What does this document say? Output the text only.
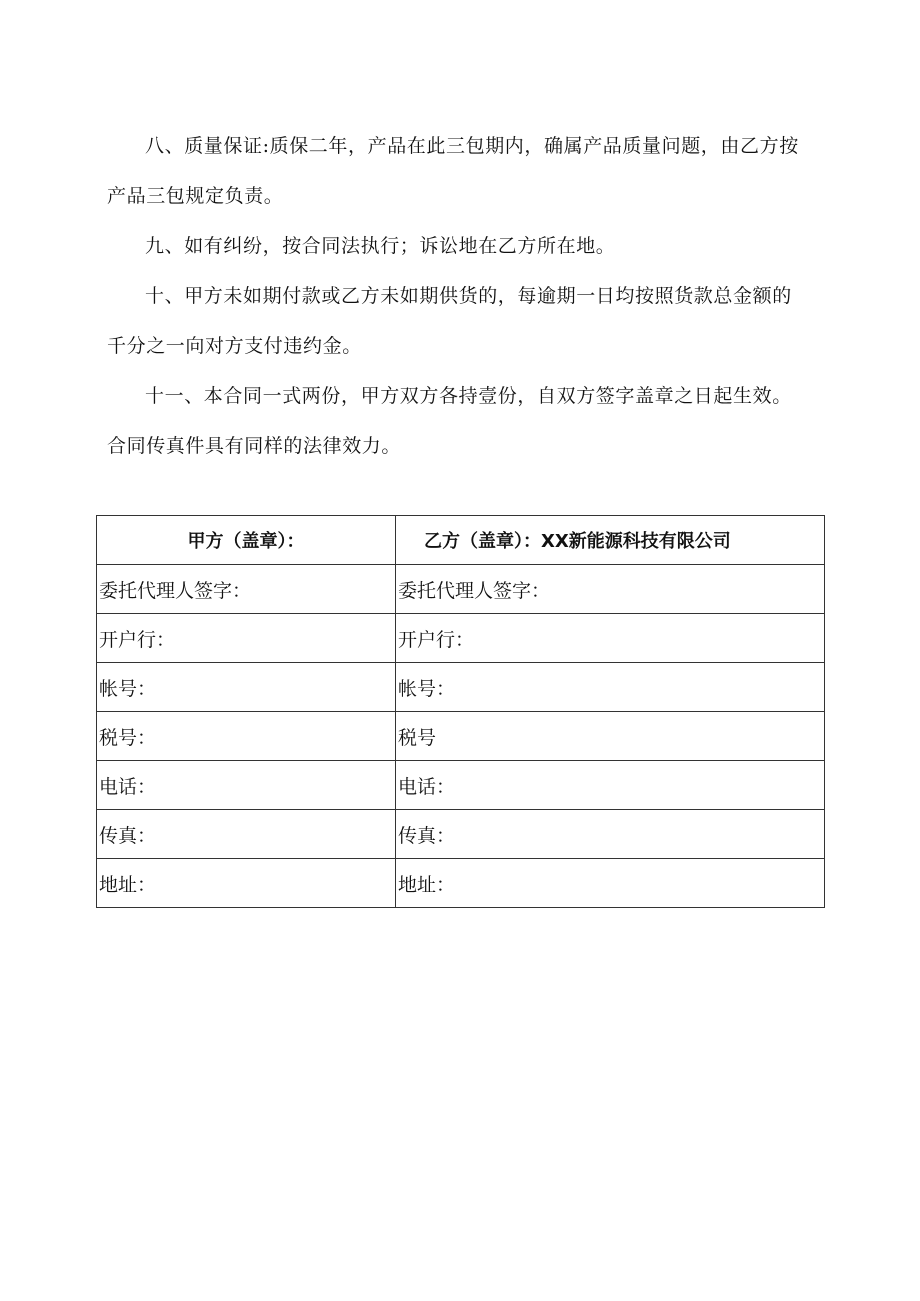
八、质量保证:质保二年，产品在此三包期内，确属产品质量问题，由乙方按
产品三包规定负责。

九、如有纠纷，按合同法执行；诉讼地在乙方所在地。

十、甲方未如期付款或乙方未如期供货的，每逾期一日均按照货款总金额的
千分之一向对方支付违约金。

十一、本合同一式两份，甲方双方各持壹份，自双方签字盖章之日起生效。
合同传真件具有同样的法律效力。

甲方（盖章）：	乙方（盖章）：XX新能源科技有限公司
委托代理人签字：	委托代理人签字：
开户行：	开户行：
帐号：	帐号：
税号：	税号
电话：	电话：
传真：	传真：
地址：	地址：
